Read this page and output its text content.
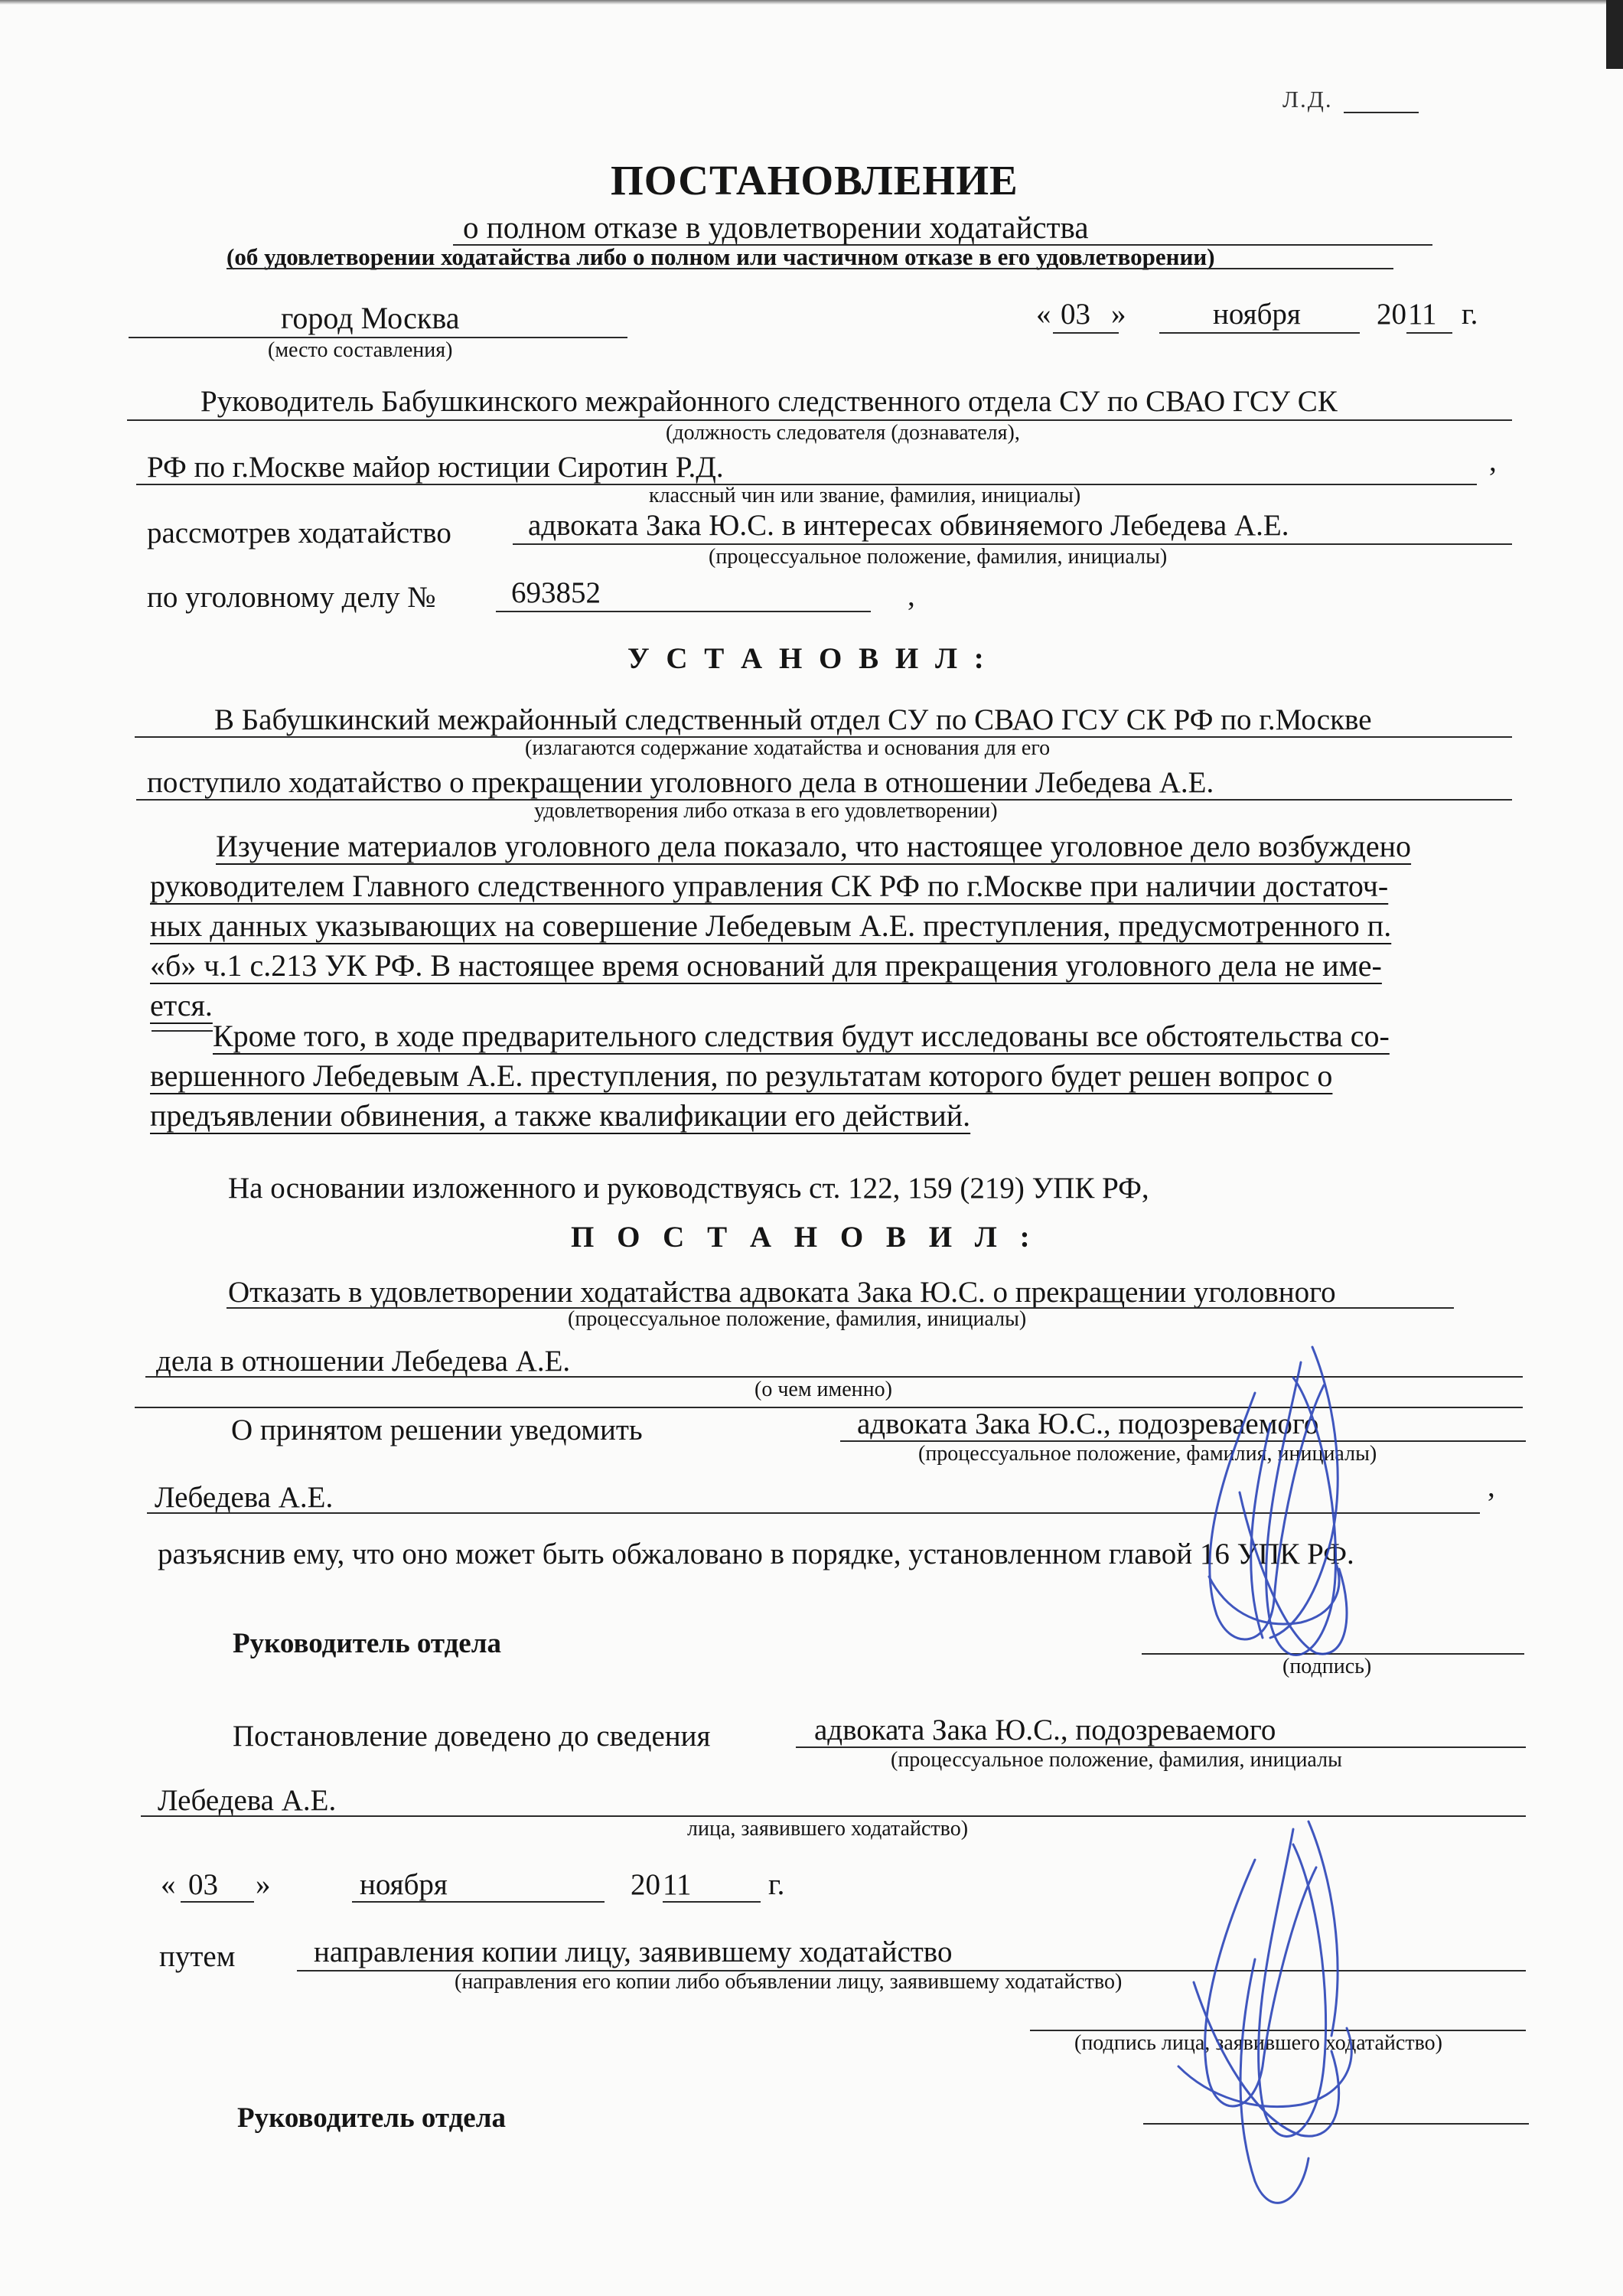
Л.Д.
ПОСТАНОВЛЕНИЕ
о полном отказе в удовлетворении ходатайства
(об удовлетворении ходатайства либо о полном или частичном отказе в его удовлетворении)
город Москва
(место составления)
« 03 »	ноября	20 11 г.
Руководитель Бабушкинского межрайонного следственного отдела СУ по СВАО ГСУ СК
(должность следователя (дознавателя),
РФ по г.Москве майор юстиции Сиротин Р.Д.	,
классный чин или звание, фамилия, инициалы)
рассмотрев ходатайство	адвоката Зака Ю.С. в интересах обвиняемого Лебедева А.Е.
(процессуальное положение, фамилия, инициалы)
по уголовному делу №	693852	,
У С Т А Н О В И Л :
В Бабушкинский межрайонный следственный отдел СУ по СВАО ГСУ СК РФ по г.Москве
(излагаются содержание ходатайства и основания для его
поступило ходатайство о прекращении уголовного дела в отношении Лебедева А.Е.
удовлетворения либо отказа в его удовлетворении)
Изучение материалов уголовного дела показало, что настоящее уголовное дело возбуждено
руководителем Главного следственного управления СК РФ по г.Москве при наличии достаточ-
ных данных указывающих на совершение Лебедевым А.Е. преступления, предусмотренного п.
«б» ч.1 с.213 УК РФ. В настоящее время оснований для прекращения уголовного дела не име-
ется.
Кроме того, в ходе предварительного следствия будут исследованы все обстоятельства со-
вершенного Лебедевым А.Е. преступления, по результатам которого будет решен вопрос о
предъявлении обвинения, а также квалификации его действий.
На основании изложенного и руководствуясь ст. 122, 159 (219) УПК РФ,
П О С Т А Н О В И Л :
Отказать в удовлетворении ходатайства адвоката Зака Ю.С. о прекращении уголовного
(процессуальное положение, фамилия, инициалы)
дела в отношении Лебедева А.Е.
(о чем именно)
О принятом решении уведомить	адвоката Зака Ю.С., подозреваемого
(процессуальное положение, фамилия, инициалы)
Лебедева А.Е.	,
разъяснив ему, что оно может быть обжаловано в порядке, установленном главой 16 УПК РФ.
Руководитель отдела
(подпись)
Постановление доведено до сведения	адвоката Зака Ю.С., подозреваемого
(процессуальное положение, фамилия, инициалы
Лебедева А.Е.
лица, заявившего ходатайство)
« 03 »	ноября	20 11	г.
путем	направления копии лицу, заявившему ходатайство
(направления его копии либо объявлении лицу, заявившему ходатайство)
(подпись лица, заявившего ходатайство)
Руководитель отдела
